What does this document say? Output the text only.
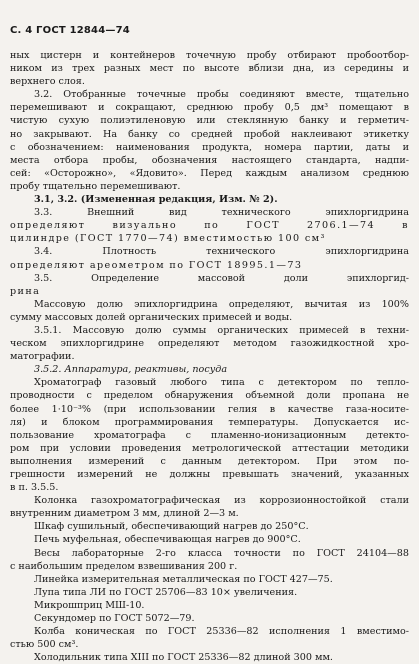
С. 4 ГОСТ 12844—74
ных цистерн и контейнеров точечную пробу отбирают пробоотбор-
ником из трех разных мест по высоте вблизи дна, из середины и
верхнего слоя.
3.2. Отобранные точечные пробы соединяют вместе, тщательно
перемешивают и сокращают, среднюю пробу 0,5 дм³ помещают в
чистую сухую полиэтиленовую или стеклянную банку и герметич-
но закрывают. На банку со средней пробой наклеивают этикетку
с обозначением: наименования продукта, номера партии, даты и
места отбора пробы, обозначения настоящего стандарта, надпи-
сей: «Осторожно», «Ядовито». Перед каждым анализом среднюю
пробу тщательно перемешивают.
3.1, 3.2. (Измененная редакция, Изм. № 2).
3.3. Внешний вид технического эпихлоргидрина
определяют визуально по ГОСТ 2706.1—74 в
цилиндре (ГОСТ 1770—74) вместимостью 100 см³
3.4. Плотность технического эпихлоргидрина
определяют ареометром по ГОСТ 18995.1—73
3.5. Определение массовой доли эпихлоргид-
рина
Массовую долю эпихлоргидрина определяют, вычитая из 100%
сумму массовых долей органических примесей и воды.
3.5.1. Массовую долю суммы органических примесей в техни-
ческом эпихлоргидрине определяют методом газожидкостной хро-
матографии.
3.5.2. Аппаратура, реактивы, посуда
Хроматограф газовый любого типа с детектором по тепло-
проводности с пределом обнаружения объемной доли пропана не
более 1·10⁻³% (при использовании гелия в качестве газа-носите-
ля) и блоком программирования температуры. Допускается ис-
пользование хроматографа с пламенно-ионизационным детекто-
ром при условии проведения метрологической аттестации методики
выполнения измерений с данным детектором. При этом по-
грешности измерений не должны превышать значений, указанных
в п. 3.5.5.
Колонка газохроматографическая из коррозионностойкой стали
внутренним диаметром 3 мм, длиной 2—3 м.
Шкаф сушильный, обеспечивающий нагрев до 250°С.
Печь муфельная, обеспечивающая нагрев до 900°С.
Весы лабораторные 2-го класса точности по ГОСТ 24104—88
с наибольшим пределом взвешивания 200 г.
Линейка измерительная металлическая по ГОСТ 427—75.
Лупа типа ЛИ по ГОСТ 25706—83 10× увеличения.
Микрошприц МШ-10.
Секундомер по ГОСТ 5072—79.
Колба коническая по ГОСТ 25336—82 исполнения 1 вместимо-
стью 500 см³.
Холодильник типа XIII по ГОСТ 25336—82 длиной 300 мм.
